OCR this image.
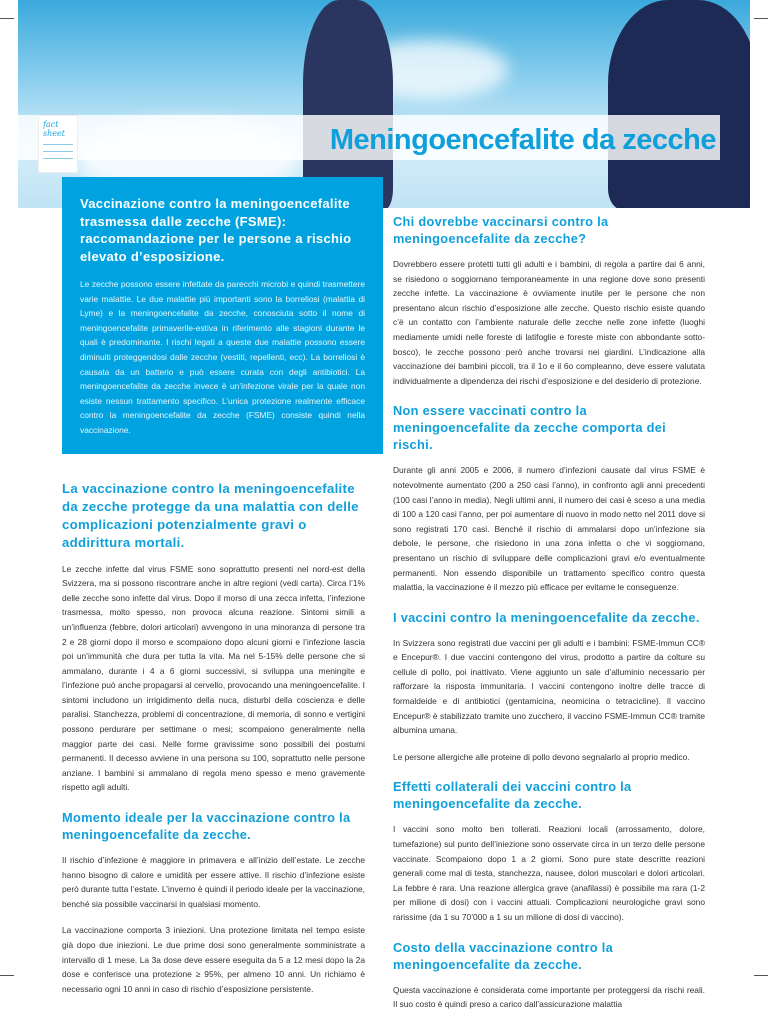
fact
sheet	Meningoencefalite da zecche
Vaccinazione contro la meningoencefalite trasmessa dalle zecche (FSME): raccomandazione per le persone a rischio elevato d’esposizione.

Le zecche possono essere infettate da parecchi microbi e quindi trasmettere varie malattie. Le due malattie più importanti sono la borreliosi (malattia di Lyme) e la meningoencefalite da zecche, conosciuta sotto il nome di meningoencefalite primaverile-estiva in riferimento alle stagioni durante le quali è predominante. I rischi legati a queste due malattie possono essere diminuiti proteggendosi dalle zecche (vestiti, repellenti, ecc). La borreliosi è causata da un batterio e può essere curata con degli antibiotici. La meningoencefalite da zecche invece è un’infezione virale per la quale non esiste nessun trattamento specifico. L’unica protezione realmente efficace contro la meningoencefalite da zecche (FSME) consiste quindi nella vaccinazione.

La vaccinazione contro la meningoencefalite da zecche protegge da una malattia con delle complicazioni potenzialmente gravi o addirittura mortali.

Le zecche infette dal virus FSME sono soprattutto presenti nel nord-est della Svizzera, ma si possono riscontrare anche in altre regioni (vedi carta). Circa l’1% delle zecche sono infette dal virus. Dopo il morso di una zecca infetta, l’infezione trasmessa, molto spesso, non provoca alcuna reazione. Sintomi simili a un’influenza (febbre, dolori articolari) avvengono in una minoranza di persone tra 2 e 28 giorni dopo il morso e scompaiono dopo alcuni giorni e l’infezione lascia poi un’immunità che dura per tutta la vita. Ma nel 5-15% delle persone che si ammalano, durante i 4 a 6 giorni successivi, si sviluppa una meningite e l’infezione può anche propagarsi al cervello, provocando una meningoencefalite. I sintomi includono un irrigidimento della nuca, disturbi della coscienza e delle paralisi. Stanchezza, problemi di concentrazione, di memoria, di sonno e vertigini possono perdurare per settimane o mesi; scompaiono generalmente nella maggior parte dei casi. Nelle forme gravissime sono possibili dei postumi permanenti. Il decesso avviene in una persona su 100, soprattutto nelle persone anziane. I bambini si ammalano di regola meno spesso e meno gravemente rispetto agli adulti.

Momento ideale per la vaccinazione contro la meningoencefalite da zecche.

Il rischio d’infezione è maggiore in primavera e all’inizio dell’estate. Le zecche hanno bisogno di calore e umidità per essere attive. Il rischio d’infezione esiste però durante tutta l’estate. L’inverno è quindi il periodo ideale per la vaccinazione, benché sia possibile vaccinarsi in qualsiasi momento.

La vaccinazione comporta 3 iniezioni. Una protezione limitata nel tempo esiste già dopo due iniezioni. Le due prime dosi sono generalmente somministrate a intervallo di 1 mese. La 3a dose deve essere eseguita da 5 a 12 mesi dopo la 2a dose e conferisce una protezione ≥ 95%, per almeno 10 anni. Un richiamo è necessario ogni 10 anni in caso di rischio d’esposizione persistente.

Chi dovrebbe vaccinarsi contro la meningoencefalite da zecche?

Dovrebbero essere protetti tutti gli adulti e i bambini, di regola a partire dai 6 anni, se risiedono o soggiornano temporaneamente in una regione dove sono presenti zecche infette. La vaccinazione è ovviamente inutile per le persone che non presentano alcun rischio d’esposizione alle zecche. Questo rischio esiste quando c’è un contatto con l’ambiente naturale delle zecche nelle zone infette (luoghi mediamente umidi nelle foreste di latifoglie e foreste miste con abbondante sotto-bosco), le zecche possono però anche trovarsi nei giardini. L’indicazione alla vaccinazione dei bambini piccoli, tra il 1o e il 6o compleanno, deve essere valutata individualmente a dipendenza dei rischi d’esposizione e del desiderio di protezione.

Non essere vaccinati contro la meningoencefalite da zecche comporta dei rischi.

Durante gli anni 2005 e 2006, il numero d’infezioni causate dal virus FSME è notevolmente aumentato (200 a 250 casi l’anno), in confronto agli anni precedenti (100 casi l’anno in media). Negli ultimi anni, il numero dei casi è sceso a una media di 100 a 120 casi l’anno, per poi aumentare di nuovo in modo netto nel 2011 dove si sono registrati 170 casi. Benché il rischio di ammalarsi dopo un’infezione sia debole, le persone, che risiedono in una zona infetta o che vi soggiornano, presentano un rischio di sviluppare delle complicazioni gravi e/o eventualmente permanenti. Non essendo disponibile un trattamento specifico contro questa malattia, la vaccinazione è il mezzo più efficace per evitarne le conseguenze.

I vaccini contro la meningoencefalite da zecche.

In Svizzera sono registrati due vaccini per gli adulti e i bambini: FSME-Immun CC® e Encepur®. I due vaccini contengono del virus, prodotto a partire da colture su cellule di pollo, poi inattivato. Viene aggiunto un sale d’alluminio necessario per rafforzare la risposta immunitaria. I vaccini contengono inoltre delle tracce di formaldeide e di antibiotici (gentamicina, neomicina o tetracicline). Il vaccino Encepur® è stabilizzato tramite uno zucchero, il vaccino FSME-Immun CC® tramite albumina umana.

Le persone allergiche alle proteine di pollo devono segnalarlo al proprio medico.

Effetti collaterali dei vaccini contro la meningoencefalite da zecche.

I vaccini sono molto ben tollerati. Reazioni locali (arrossamento, dolore, tumefazione) sul punto dell’iniezione sono osservate circa in un terzo delle persone vaccinate. Scompaiono dopo 1 a 2 giorni. Sono pure state descritte reazioni generali come mal di testa, stanchezza, nausee, dolori muscolari e dolori articolari. La febbre è rara. Una reazione allergica grave (anafilassi) è possibile ma rara (1-2 per milione di dosi) con i vaccini attuali. Complicazioni neurologiche gravi sono rarissime (da 1 su 70’000 a 1 su un milione di dosi di vaccino).

Costo della vaccinazione contro la meningoencefalite da zecche.

Questa vaccinazione è considerata come importante per proteggersi da rischi reali. Il suo costo è quindi preso a carico dall’assicurazione malattia
